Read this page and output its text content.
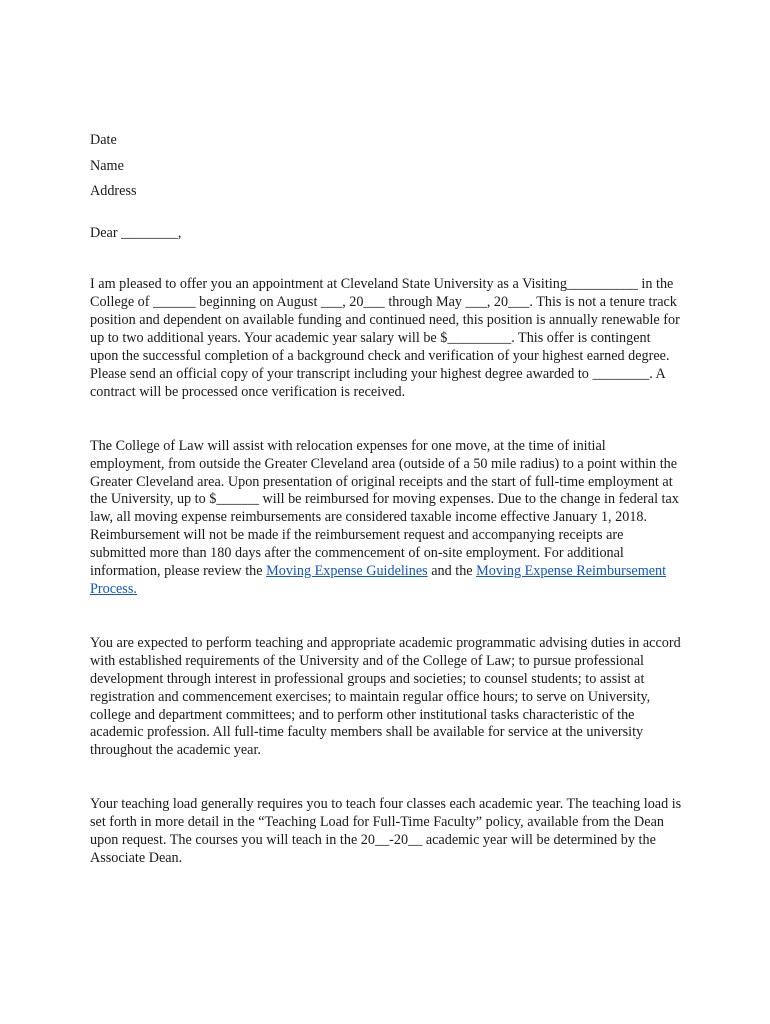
Date
Name
Address
Dear ________,

I am pleased to offer you an appointment at Cleveland State University as a Visiting__________ in the College of ______ beginning on August ___, 20___ through May ___, 20___. This is not a tenure track position and dependent on available funding and continued need, this position is annually renewable for up to two additional years. Your academic year salary will be $_________. This offer is contingent upon the successful completion of a background check and verification of your highest earned degree. Please send an official copy of your transcript including your highest degree awarded to ________. A contract will be processed once verification is received.

The College of Law will assist with relocation expenses for one move, at the time of initial employment, from outside the Greater Cleveland area (outside of a 50 mile radius) to a point within the Greater Cleveland area. Upon presentation of original receipts and the start of full-time employment at the University, up to $______ will be reimbursed for moving expenses. Due to the change in federal tax law, all moving expense reimbursements are considered taxable income effective January 1, 2018. Reimbursement will not be made if the reimbursement request and accompanying receipts are submitted more than 180 days after the commencement of on-site employment. For additional information, please review the Moving Expense Guidelines and the Moving Expense Reimbursement Process.

You are expected to perform teaching and appropriate academic programmatic advising duties in accord with established requirements of the University and of the College of Law; to pursue professional development through interest in professional groups and societies; to counsel students; to assist at registration and commencement exercises; to maintain regular office hours; to serve on University, college and department committees; and to perform other institutional tasks characteristic of the academic profession. All full-time faculty members shall be available for service at the university throughout the academic year.

Your teaching load generally requires you to teach four classes each academic year. The teaching load is set forth in more detail in the “Teaching Load for Full-Time Faculty” policy, available from the Dean upon request. The courses you will teach in the 20__-20__ academic year will be determined by the Associate Dean.
